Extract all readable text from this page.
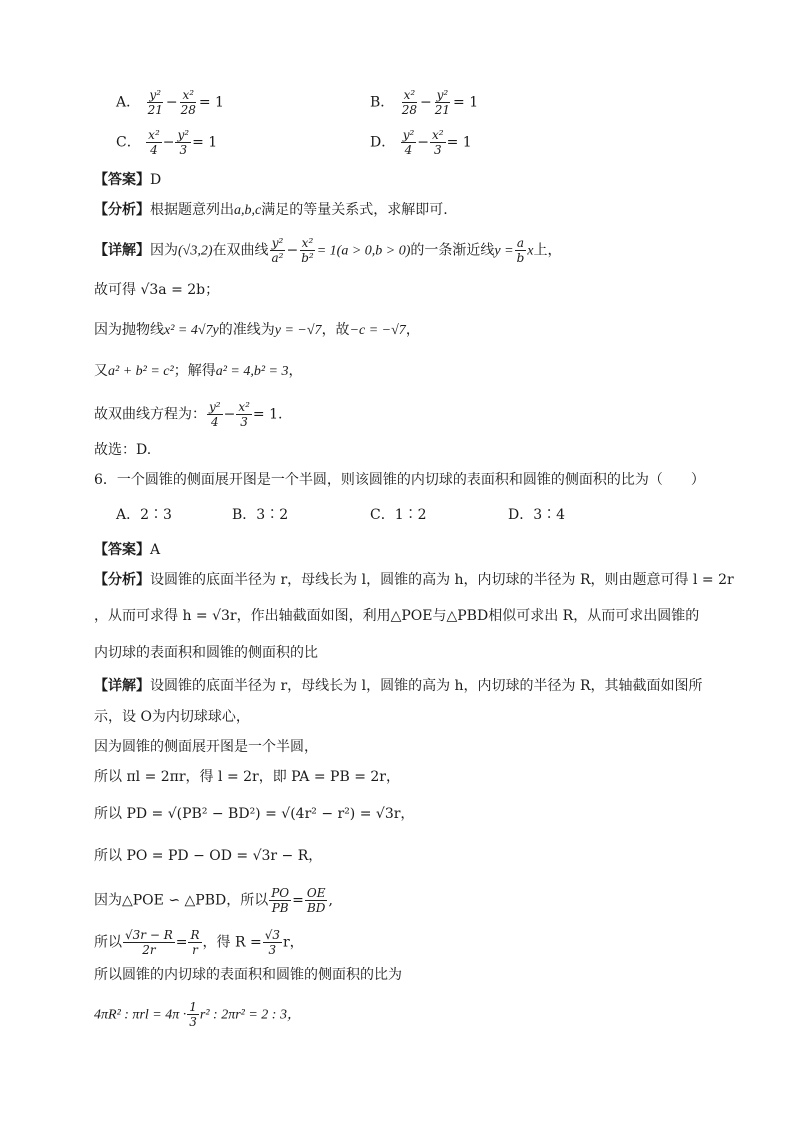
A． $\frac{\text{y²}}{21} - \frac{\text{x²}}{28} = 1$	B． $\frac{\text{x²}}{28} - \frac{\text{y²}}{21} = 1$
C． $\frac{\text{x²}}{4} - \frac{\text{y²}}{3} = 1$	D． $\frac{\text{y²}}{4} - \frac{\text{x²}}{3} = 1$
【答案】D
【分析】根据题意列出a,b,c满足的等量关系式，求解即可.
【详解】因为(√3,2)在双曲线 $\frac{\text{y²}}{\text{a²}} - \frac{\text{x²}}{\text{b²}} = 1(a > 0,b > 0)$的一条渐近线$y = \frac{a}{b}$ x上，
故可得 √3a = 2b；
因为抛物线x² = 4√7y的准线为y = −√7，故−c = −√7，
又a² + b² = c²；解得a² = 4,b² = 3，
故双曲线方程为： $\frac{\text{y²}}{4} - \frac{\text{x²}}{3} = 1$.
故选：D.
6．一个圆锥的侧面展开图是一个半圆，则该圆锥的内切球的表面积和圆锥的侧面积的比为（　　）
A．2∶3	B．3∶2	C．1∶2	D．3∶4
【答案】A
【分析】设圆锥的底面半径为 r，母线长为 l，圆锥的高为 h，内切球的半径为 R，则由题意可得 l = 2r
，从而可求得 h = √3r，作出轴截面如图，利用△POE与△PBD相似可求出 R，从而可求出圆锥的
内切球的表面积和圆锥的侧面积的比
【详解】设圆锥的底面半径为 r，母线长为 l，圆锥的高为 h，内切球的半径为 R，其轴截面如图所
示，设 O为内切球球心，
因为圆锥的侧面展开图是一个半圆，
所以 πl = 2πr，得 l = 2r，即 PA = PB = 2r，
所以 PD = √(PB² − BD²) = √(4r² − r²) = √3r，
所以 PO = PD − OD = √3r − R，
因为△POE ∽ △PBD，所以 $\frac{PO}{PB} = \frac{OE}{BD}$ ,
所以 $\frac{√3r - R}{2r} = \frac{R}{r}$ ，得 $R = \frac{√3}{3}$ r，
所以圆锥的内切球的表面积和圆锥的侧面积的比为
4πR² : $\pi rl = 4\pi \cdot \frac{1}{3} r^2$ : 2πr² = 2 : 3，
